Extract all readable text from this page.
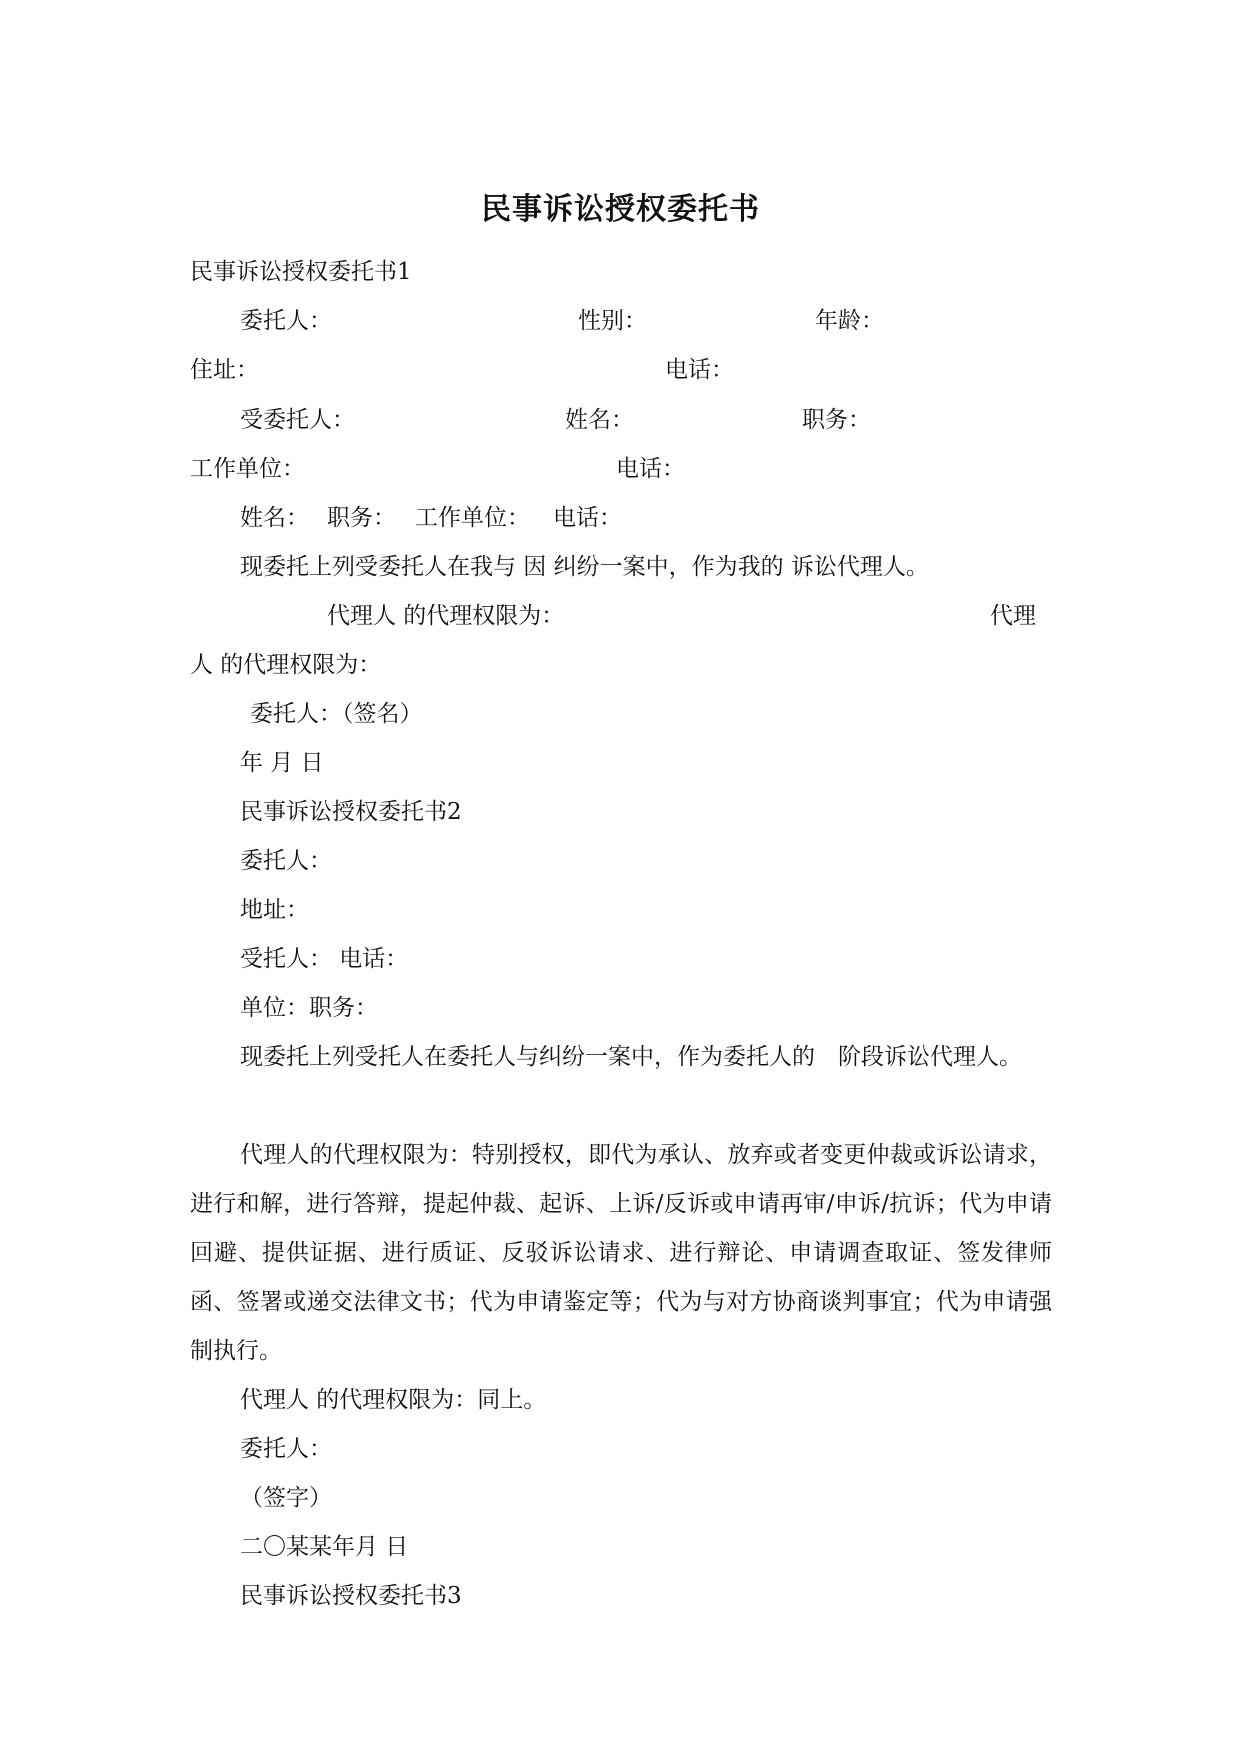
民事诉讼授权委托书
民事诉讼授权委托书1
委托人：	性别：	年龄：
住址：	电话：
受委托人：	姓名：	职务：
工作单位：	电话：
姓名： 职务： 工作单位： 电话：
现委托上列受委托人在我与 因 纠纷一案中，作为我的 诉讼代理人。
代理人 的代理权限为：	代理
人 的代理权限为：
委托人：（签名）
年 月 日
民事诉讼授权委托书2
委托人：
地址：
受托人： 电话：
单位：职务：
现委托上列受托人在委托人与纠纷一案中，作为委托人的　阶段诉讼代理人。
代理人的代理权限为：特别授权，即代为承认、放弃或者变更仲裁或诉讼请求，进行和解，进行答辩，提起仲裁、起诉、上诉/反诉或申请再审/申诉/抗诉；代为申请回避、提供证据、进行质证、反驳诉讼请求、进行辩论、申请调查取证、签发律师函、签署或递交法律文书；代为申请鉴定等；代为与对方协商谈判事宜；代为申请强制执行。
代理人 的代理权限为：同上。
委托人：
（签字）
二〇某某年月 日
民事诉讼授权委托书3
